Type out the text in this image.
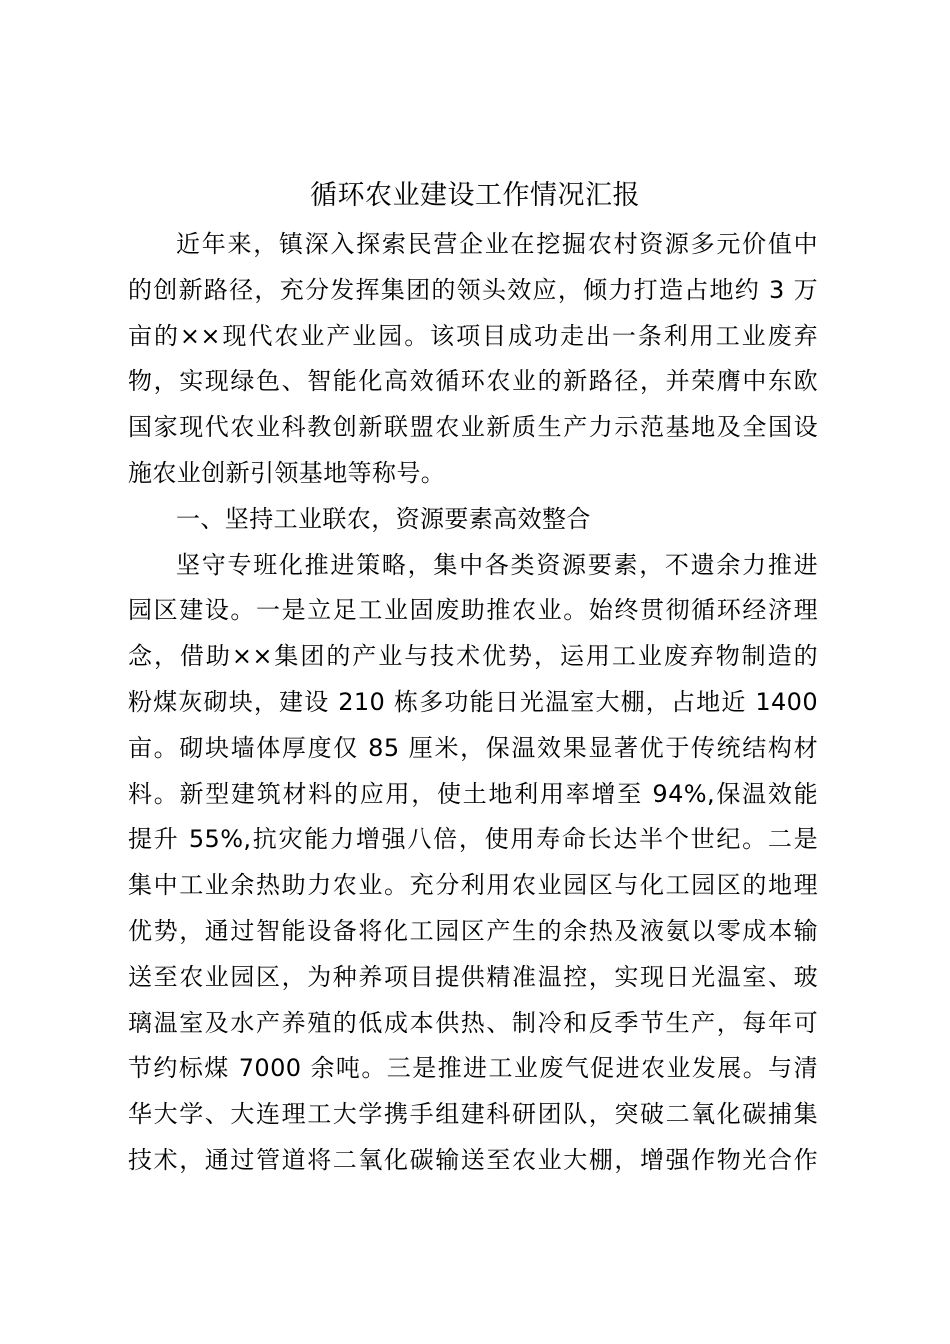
循环农业建设工作情况汇报
近年来，镇深入探索民营企业在挖掘农村资源多元价值中
的创新路径，充分发挥集团的领头效应，倾力打造占地约 3 万
亩的××现代农业产业园。该项目成功走出一条利用工业废弃
物，实现绿色、智能化高效循环农业的新路径，并荣膺中东欧
国家现代农业科教创新联盟农业新质生产力示范基地及全国设
施农业创新引领基地等称号。
一、坚持工业联农，资源要素高效整合
坚守专班化推进策略，集中各类资源要素，不遗余力推进
园区建设。一是立足工业固废助推农业。始终贯彻循环经济理
念，借助××集团的产业与技术优势，运用工业废弃物制造的
粉煤灰砌块，建设 210 栋多功能日光温室大棚，占地近 1400
亩。砌块墙体厚度仅 85 厘米，保温效果显著优于传统结构材
料。新型建筑材料的应用，使土地利用率增至 94%,保温效能
提升 55%,抗灾能力增强八倍，使用寿命长达半个世纪。二是
集中工业余热助力农业。充分利用农业园区与化工园区的地理
优势，通过智能设备将化工园区产生的余热及液氨以零成本输
送至农业园区，为种养项目提供精准温控，实现日光温室、玻
璃温室及水产养殖的低成本供热、制冷和反季节生产，每年可
节约标煤 7000 余吨。三是推进工业废气促进农业发展。与清
华大学、大连理工大学携手组建科研团队，突破二氧化碳捕集
技术，通过管道将二氧化碳输送至农业大棚，增强作物光合作
